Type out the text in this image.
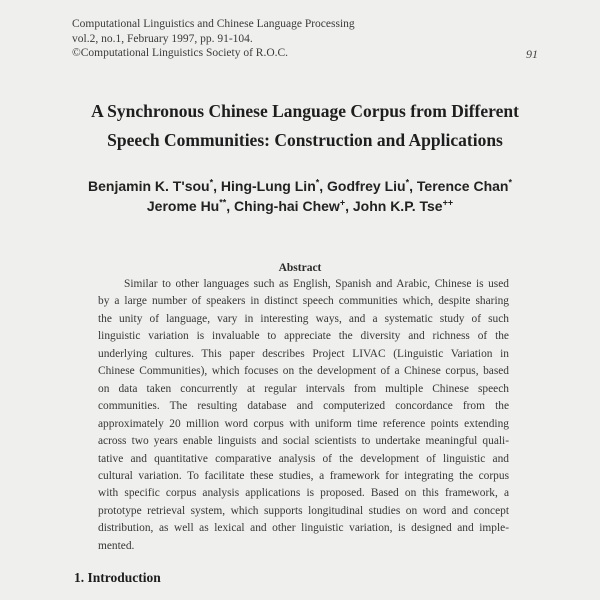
Computational Linguistics and Chinese Language Processing
vol.2, no.1, February 1997, pp. 91-104.
©Computational Linguistics Society of R.O.C.	91
A Synchronous Chinese Language Corpus from Different
Speech Communities: Construction and Applications
Benjamin K. T'sou*, Hing-Lung Lin*, Godfrey Liu*, Terence Chan*
Jerome Hu**, Ching-hai Chew+, John K.P. Tse++
Abstract
Similar to other languages such as English, Spanish and Arabic, Chinese is used
by a large number of speakers in distinct speech communities which, despite sharing
the unity of language, vary in interesting ways, and a systematic study of such
linguistic variation is invaluable to appreciate the diversity and richness of the
underlying cultures. This paper describes Project LIVAC (Linguistic Variation in
Chinese Communities), which focuses on the development of a Chinese corpus, based
on data taken concurrently at regular intervals from multiple Chinese speech
communities. The resulting database and computerized concordance from the
approximately 20 million word corpus with uniform time reference points extending
across two years enable linguists and social scientists to undertake meaningful quali-
tative and quantitative comparative analysis of the development of linguistic and
cultural variation. To facilitate these studies, a framework for integrating the corpus
with specific corpus analysis applications is proposed. Based on this framework, a
prototype retrieval system, which supports longitudinal studies on word and concept
distribution, as well as lexical and other linguistic variation, is designed and imple-
mented.
1. Introduction
